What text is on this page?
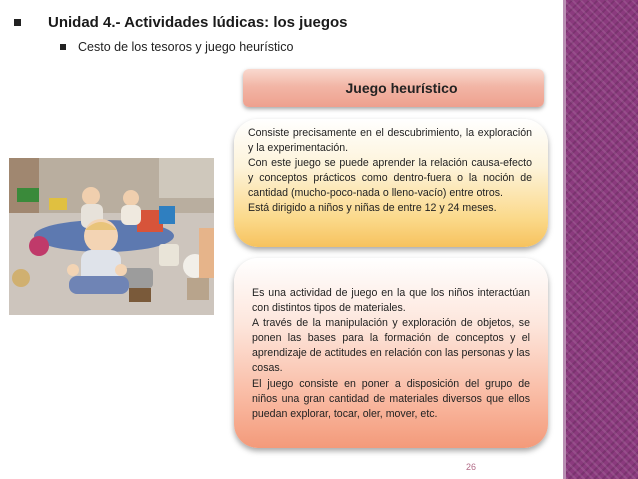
Unidad 4.- Actividades lúdicas: los juegos
Cesto de los tesoros y juego heurístico
Juego heurístico

Consiste precisamente en el descubrimiento, la exploración y la experimentación.

Con este juego se puede aprender la relación causa-efecto y conceptos prácticos como dentro-fuera o la noción de cantidad (mucho-poco-nada o lleno-vacío) entre otros.

Está dirigido a niños y niñas de entre 12 y 24 meses.

Es una actividad de juego en la que los niños interactúan con distintos tipos de materiales.

A través de la manipulación y exploración de objetos, se ponen las bases para la formación de conceptos y el aprendizaje de actitudes en relación con las personas y las cosas.

El juego consiste en poner a disposición del grupo de niños una gran cantidad de materiales diversos que ellos puedan explorar, tocar, oler, mover, etc.

26
